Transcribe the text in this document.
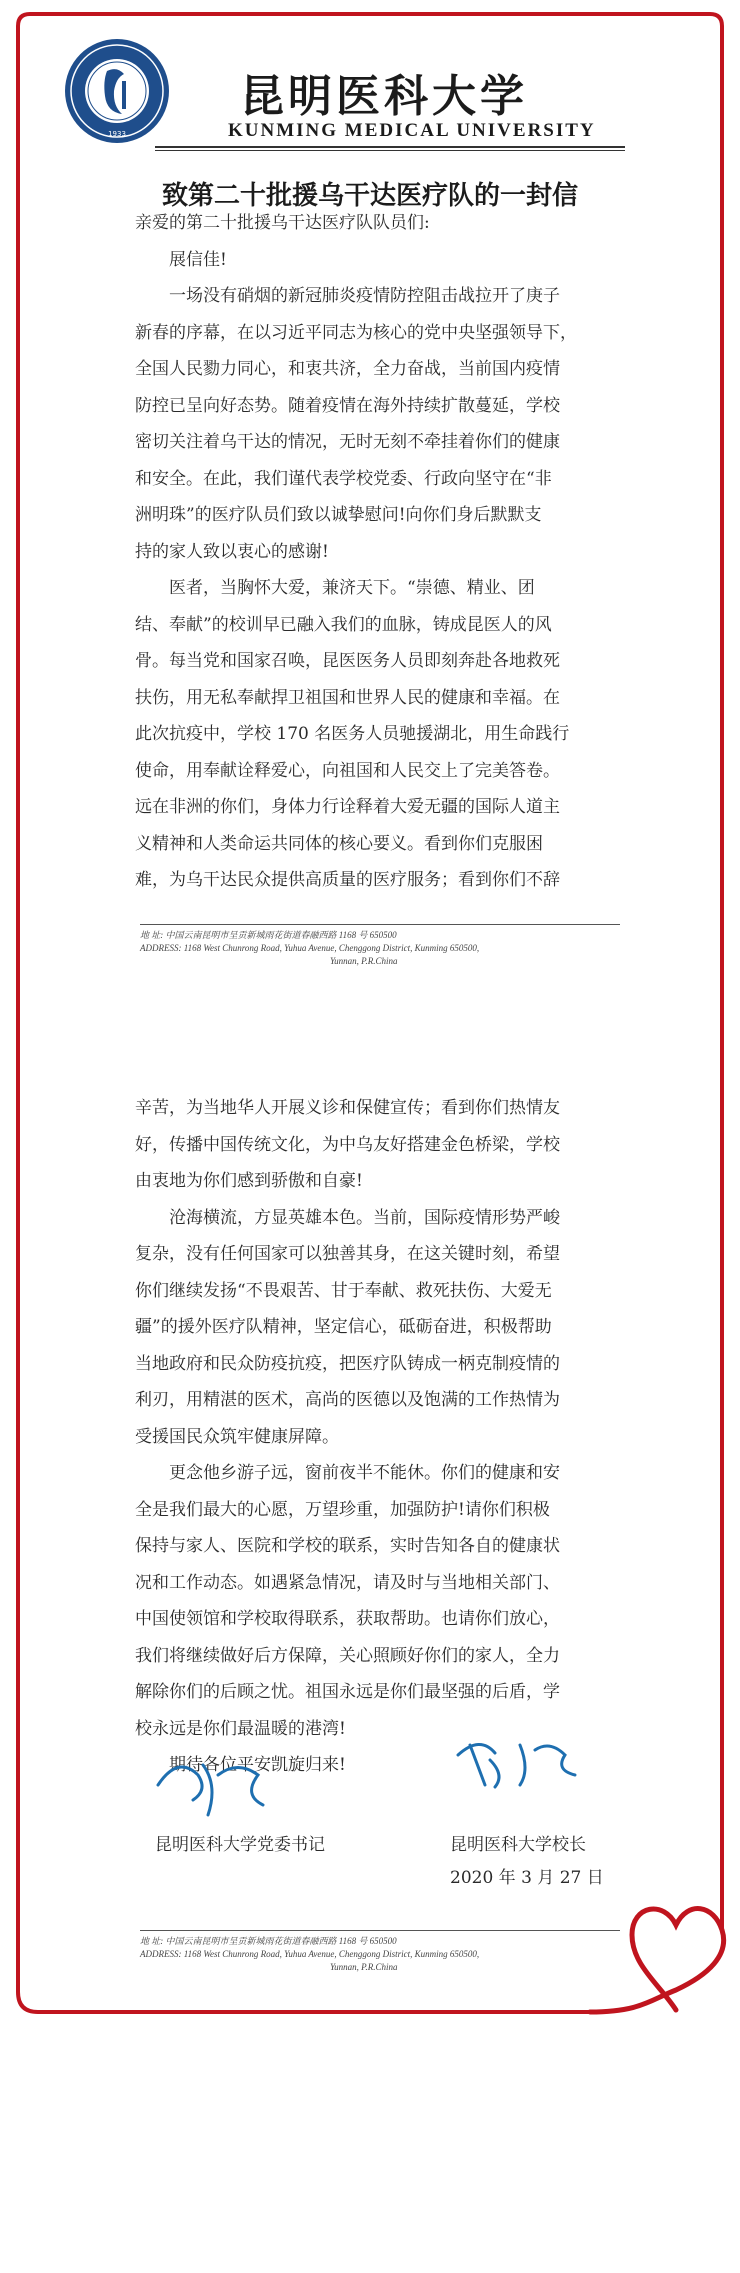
1933
昆明医科大学
KUNMING MEDICAL UNIVERSITY
致第二十批援乌干达医疗队的一封信

亲爱的第二十批援乌干达医疗队队员们:

展信佳!

一场没有硝烟的新冠肺炎疫情防控阻击战拉开了庚子
新春的序幕，在以习近平同志为核心的党中央坚强领导下，
全国人民勠力同心，和衷共济，全力奋战，当前国内疫情
防控已呈向好态势。随着疫情在海外持续扩散蔓延，学校
密切关注着乌干达的情况，无时无刻不牵挂着你们的健康
和安全。在此，我们谨代表学校党委、行政向坚守在“非
洲明珠”的医疗队员们致以诚挚慰问!向你们身后默默支
持的家人致以衷心的感谢!
医者，当胸怀大爱，兼济天下。“崇德、精业、团
结、奉献”的校训早已融入我们的血脉，铸成昆医人的风
骨。每当党和国家召唤，昆医医务人员即刻奔赴各地救死
扶伤，用无私奉献捍卫祖国和世界人民的健康和幸福。在
此次抗疫中，学校 170 名医务人员驰援湖北，用生命践行
使命，用奉献诠释爱心，向祖国和人民交上了完美答卷。
远在非洲的你们，身体力行诠释着大爱无疆的国际人道主
义精神和人类命运共同体的核心要义。看到你们克服困
难，为乌干达民众提供高质量的医疗服务；看到你们不辞
地 址: 中国云南昆明市呈贡新城雨花街道春融西路 1168 号 650500
ADDRESS: 1168 West Chunrong Road, Yuhua Avenue, Chenggong District, Kunming 650500,
Yunnan, P.R.China
辛苦，为当地华人开展义诊和保健宣传；看到你们热情友
好，传播中国传统文化，为中乌友好搭建金色桥梁，学校
由衷地为你们感到骄傲和自豪!
沧海横流，方显英雄本色。当前，国际疫情形势严峻
复杂，没有任何国家可以独善其身，在这关键时刻，希望
你们继续发扬“不畏艰苦、甘于奉献、救死扶伤、大爱无
疆”的援外医疗队精神，坚定信心，砥砺奋进，积极帮助
当地政府和民众防疫抗疫，把医疗队铸成一柄克制疫情的
利刃，用精湛的医术，高尚的医德以及饱满的工作热情为
受援国民众筑牢健康屏障。
更念他乡游子远，窗前夜半不能休。你们的健康和安
全是我们最大的心愿，万望珍重，加强防护!请你们积极
保持与家人、医院和学校的联系，实时告知各自的健康状
况和工作动态。如遇紧急情况，请及时与当地相关部门、
中国使领馆和学校取得联系，获取帮助。也请你们放心，
我们将继续做好后方保障，关心照顾好你们的家人，全力
解除你们的后顾之忧。祖国永远是你们最坚强的后盾，学
校永远是你们最温暖的港湾!
期待各位平安凯旋归来!
昆明医科大学党委书记	昆明医科大学校长
2020 年 3 月 27 日
地 址: 中国云南昆明市呈贡新城雨花街道春融西路 1168 号 650500
ADDRESS: 1168 West Chunrong Road, Yuhua Avenue, Chenggong District, Kunming 650500,
Yunnan, P.R.China
